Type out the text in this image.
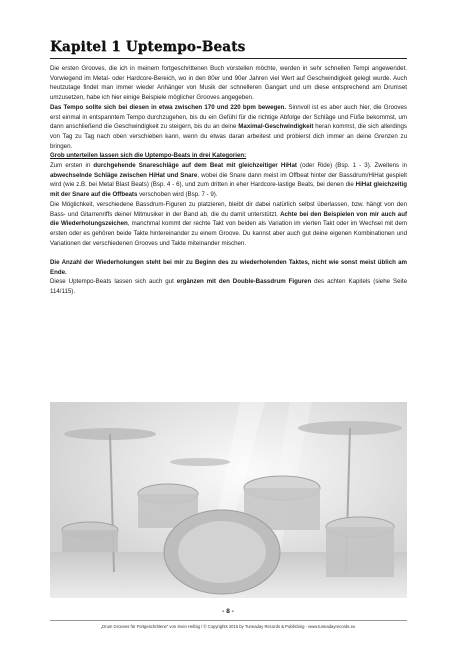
Kapitel 1 Uptempo-Beats

Die ersten Grooves, die ich in meinem fortgeschrittenen Buch vorstellen möchte, werden in sehr schnellen Tempi angewendet. Vorwiegend im Metal- oder Hardcore-Bereich, wo in den 80er und 90er Jahren viel Wert auf Geschwindigkeit gelegt wurde. Auch heutzutage findet man immer wieder Anhänger von Musik der schnelleren Gangart und um diese entsprechend am Drumset umzusetzen, habe ich hier einige Beispiele möglicher Grooves angegeben.

Das Tempo sollte sich bei diesen in etwa zwischen 170 und 220 bpm bewegen. Sinnvoll ist es aber auch hier, die Grooves erst einmal in entspanntem Tempo durchzugehen, bis du ein Gefühl für die richtige Abfolge der Schläge und Füße bekommst, um dann anschließend die Geschwindigkeit zu steigern, bis du an deine Maximal-Geschwindigkeit heran kommst, die sich allerdings von Tag zu Tag nach oben verschieben kann, wenn du etwas daran arbeitest und probierst dich immer an deine Grenzen zu bringen.

Grob unterteilen lassen sich die Uptempo-Beats in drei Kategorien:

Zum ersten in durchgehende Snareschläge auf dem Beat mit gleichzeitiger HiHat (oder Ride) (Bsp. 1 - 3). Zweitens in abwechselnde Schläge zwischen HiHat und Snare, wobei die Snare dann meist im Offbeat hinter der Bassdrum/HiHat gespielt wird (wie z.B. bei Metal Blast Beats) (Bsp. 4 - 6), und zum dritten in eher Hardcore-lastige Beats, bei denen die HiHat gleichzeitig mit der Snare auf die Offbeats verschoben wird (Bsp. 7 - 9).

Die Möglichkeit, verschiedene Bassdrum-Figuren zu platzieren, bleibt dir dabei natürlich selbst überlassen, bzw. hängt von den Bass- und Gitarrenriffs deiner Mitmusiker in der Band ab, die du damit unterstützt. Achte bei den Beispielen von mir auch auf die Wiederholungszeichen, manchmal kommt der rechte Takt von beiden als Variation im vierten Takt oder im Wechsel mit dem ersten oder es gehören beide Takte hintereinander zu einem Groove. Du kannst aber auch gut deine eigenen Kombinationen und Variationen der verschiedenen Grooves und Takte miteinander mischen.

Die Anzahl der Wiederholungen steht bei mir zu Beginn des zu wiederholenden Taktes, nicht wie sonst meist üblich am Ende.

Diese Uptempo-Beats lassen sich auch gut ergänzen mit den Double-Bassdrum Figuren des achten Kapitels (siehe Seite 114/115).

- 8 -
„Drum Grooves für Fortgeschrittene“ von Sven Helbig / © Copyrights 2015 by Tuneaday Records & Publishing - www.tuneadayrecords.eu
